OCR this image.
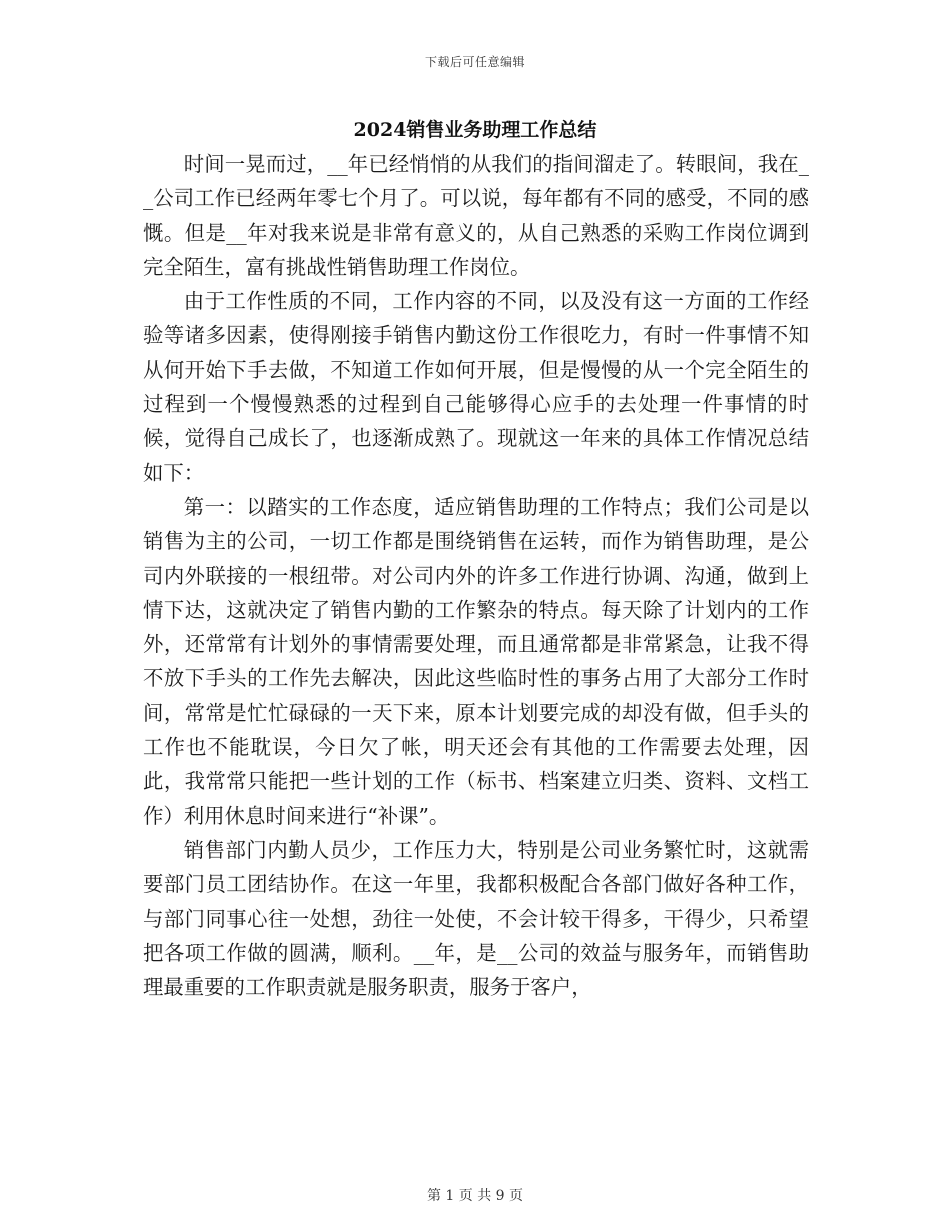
下载后可任意编辑
2024销售业务助理工作总结

时间一晃而过，__年已经悄悄的从我们的指间溜走了。转眼间，我在__公司工作已经两年零七个月了。可以说，每年都有不同的感受，不同的感慨。但是__年对我来说是非常有意义的，从自己熟悉的采购工作岗位调到完全陌生，富有挑战性销售助理工作岗位。

由于工作性质的不同，工作内容的不同，以及没有这一方面的工作经验等诸多因素，使得刚接手销售内勤这份工作很吃力，有时一件事情不知从何开始下手去做，不知道工作如何开展，但是慢慢的从一个完全陌生的过程到一个慢慢熟悉的过程到自己能够得心应手的去处理一件事情的时候，觉得自己成长了，也逐渐成熟了。现就这一年来的具体工作情况总结如下：

第一：以踏实的工作态度，适应销售助理的工作特点；我们公司是以销售为主的公司，一切工作都是围绕销售在运转，而作为销售助理，是公司内外联接的一根纽带。对公司内外的许多工作进行协调、沟通，做到上情下达，这就决定了销售内勤的工作繁杂的特点。每天除了计划内的工作外，还常常有计划外的事情需要处理，而且通常都是非常紧急，让我不得不放下手头的工作先去解决，因此这些临时性的事务占用了大部分工作时间，常常是忙忙碌碌的一天下来，原本计划要完成的却没有做，但手头的工作也不能耽误，今日欠了帐，明天还会有其他的工作需要去处理，因此，我常常只能把一些计划的工作（标书、档案建立归类、资料、文档工作）利用休息时间来进行“补课”。

销售部门内勤人员少，工作压力大，特别是公司业务繁忙时，这就需要部门员工团结协作。在这一年里，我都积极配合各部门做好各种工作，与部门同事心往一处想，劲往一处使，不会计较干得多，干得少，只希望把各项工作做的圆满，顺利。__年，是__公司的效益与服务年，而销售助理最重要的工作职责就是服务职责，服务于客户，

第 1 页 共 9 页
